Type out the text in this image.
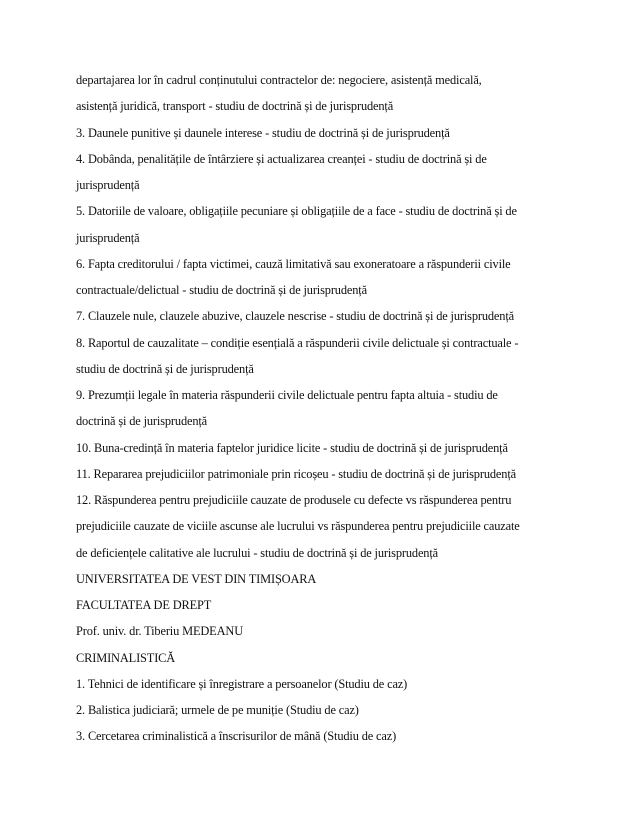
departajarea lor în cadrul conținutului contractelor de: negociere, asistență medicală,
asistență juridică, transport - studiu de doctrină și de jurisprudență
3. Daunele punitive și daunele interese - studiu de doctrină și de jurisprudență
4. Dobânda, penalitățile de întârziere și actualizarea creanței - studiu de doctrină și de
jurisprudență
5. Datoriile de valoare, obligațiile pecuniare și obligațiile de a face - studiu de doctrină și de
jurisprudență
6. Fapta creditorului / fapta victimei, cauză limitativă sau exoneratoare a răspunderii civile
contractuale/delictual - studiu de doctrină și de jurisprudență
7. Clauzele nule, clauzele abuzive, clauzele nescrise - studiu de doctrină și de jurisprudență
8. Raportul de cauzalitate – condiție esențială a răspunderii civile delictuale și contractuale -
studiu de doctrină și de jurisprudență
9. Prezumții legale în materia răspunderii civile delictuale pentru fapta altuia - studiu de
doctrină și de jurisprudență
10. Buna-credință în materia faptelor juridice licite - studiu de doctrină și de jurisprudență
11. Repararea prejudiciilor patrimoniale prin ricoșeu - studiu de doctrină și de jurisprudență
12. Răspunderea pentru prejudiciile cauzate de produsele cu defecte vs răspunderea pentru
prejudiciile cauzate de viciile ascunse ale lucrului vs răspunderea pentru prejudiciile cauzate
de deficiențele calitative ale lucrului - studiu de doctrină și de jurisprudență
UNIVERSITATEA DE VEST DIN TIMIȘOARA
FACULTATEA DE DREPT
Prof. univ. dr. Tiberiu MEDEANU
CRIMINALISTICĂ
1. Tehnici de identificare și înregistrare a persoanelor (Studiu de caz)
2. Balistica judiciară; urmele de pe muniție (Studiu de caz)
3. Cercetarea criminalistică a înscrisurilor de mână (Studiu de caz)
